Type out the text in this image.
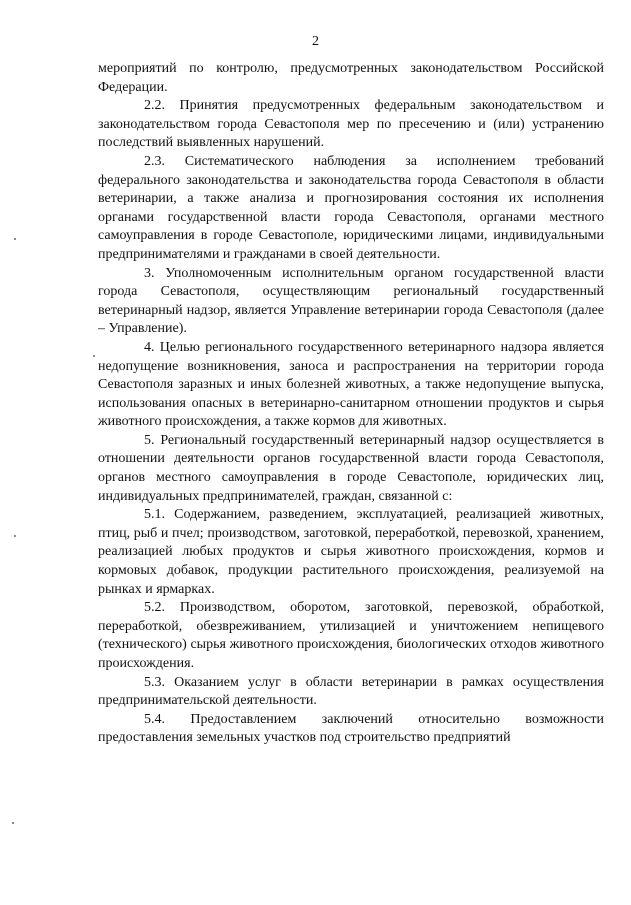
2

мероприятий по контролю, предусмотренных законодательством Российской Федерации.

2.2. Принятия предусмотренных федеральным законодательством и законодательством города Севастополя мер по пресечению и (или) устранению последствий выявленных нарушений.

2.3. Систематического наблюдения за исполнением требований федерального законодательства и законодательства города Севастополя в области ветеринарии, а также анализа и прогнозирования состояния их исполнения органами государственной власти города Севастополя, органами местного самоуправления в городе Севастополе, юридическими лицами, индивидуальными предпринимателями и гражданами в своей деятельности.

3. Уполномоченным исполнительным органом государственной власти города Севастополя, осуществляющим региональный государственный ветеринарный надзор, является Управление ветеринарии города Севастополя (далее – Управление).

4. Целью регионального государственного ветеринарного надзора является недопущение возникновения, заноса и распространения на территории города Севастополя заразных и иных болезней животных, а также недопущение выпуска, использования опасных в ветеринарно-санитарном отношении продуктов и сырья животного происхождения, а также кормов для животных.

5. Региональный государственный ветеринарный надзор осуществляется в отношении деятельности органов государственной власти города Севастополя, органов местного самоуправления в городе Севастополе, юридических лиц, индивидуальных предпринимателей, граждан, связанной с:

5.1. Содержанием, разведением, эксплуатацией, реализацией животных, птиц, рыб и пчел; производством, заготовкой, переработкой, перевозкой, хранением, реализацией любых продуктов и сырья животного происхождения, кормов и кормовых добавок, продукции растительного происхождения, реализуемой на рынках и ярмарках.

5.2. Производством, оборотом, заготовкой, перевозкой, обработкой, переработкой, обезвреживанием, утилизацией и уничтожением непищевого (технического) сырья животного происхождения, биологических отходов животного происхождения.

5.3. Оказанием услуг в области ветеринарии в рамках осуществления предпринимательской деятельности.

5.4. Предоставлением заключений относительно возможности предоставления земельных участков под строительство предприятий
